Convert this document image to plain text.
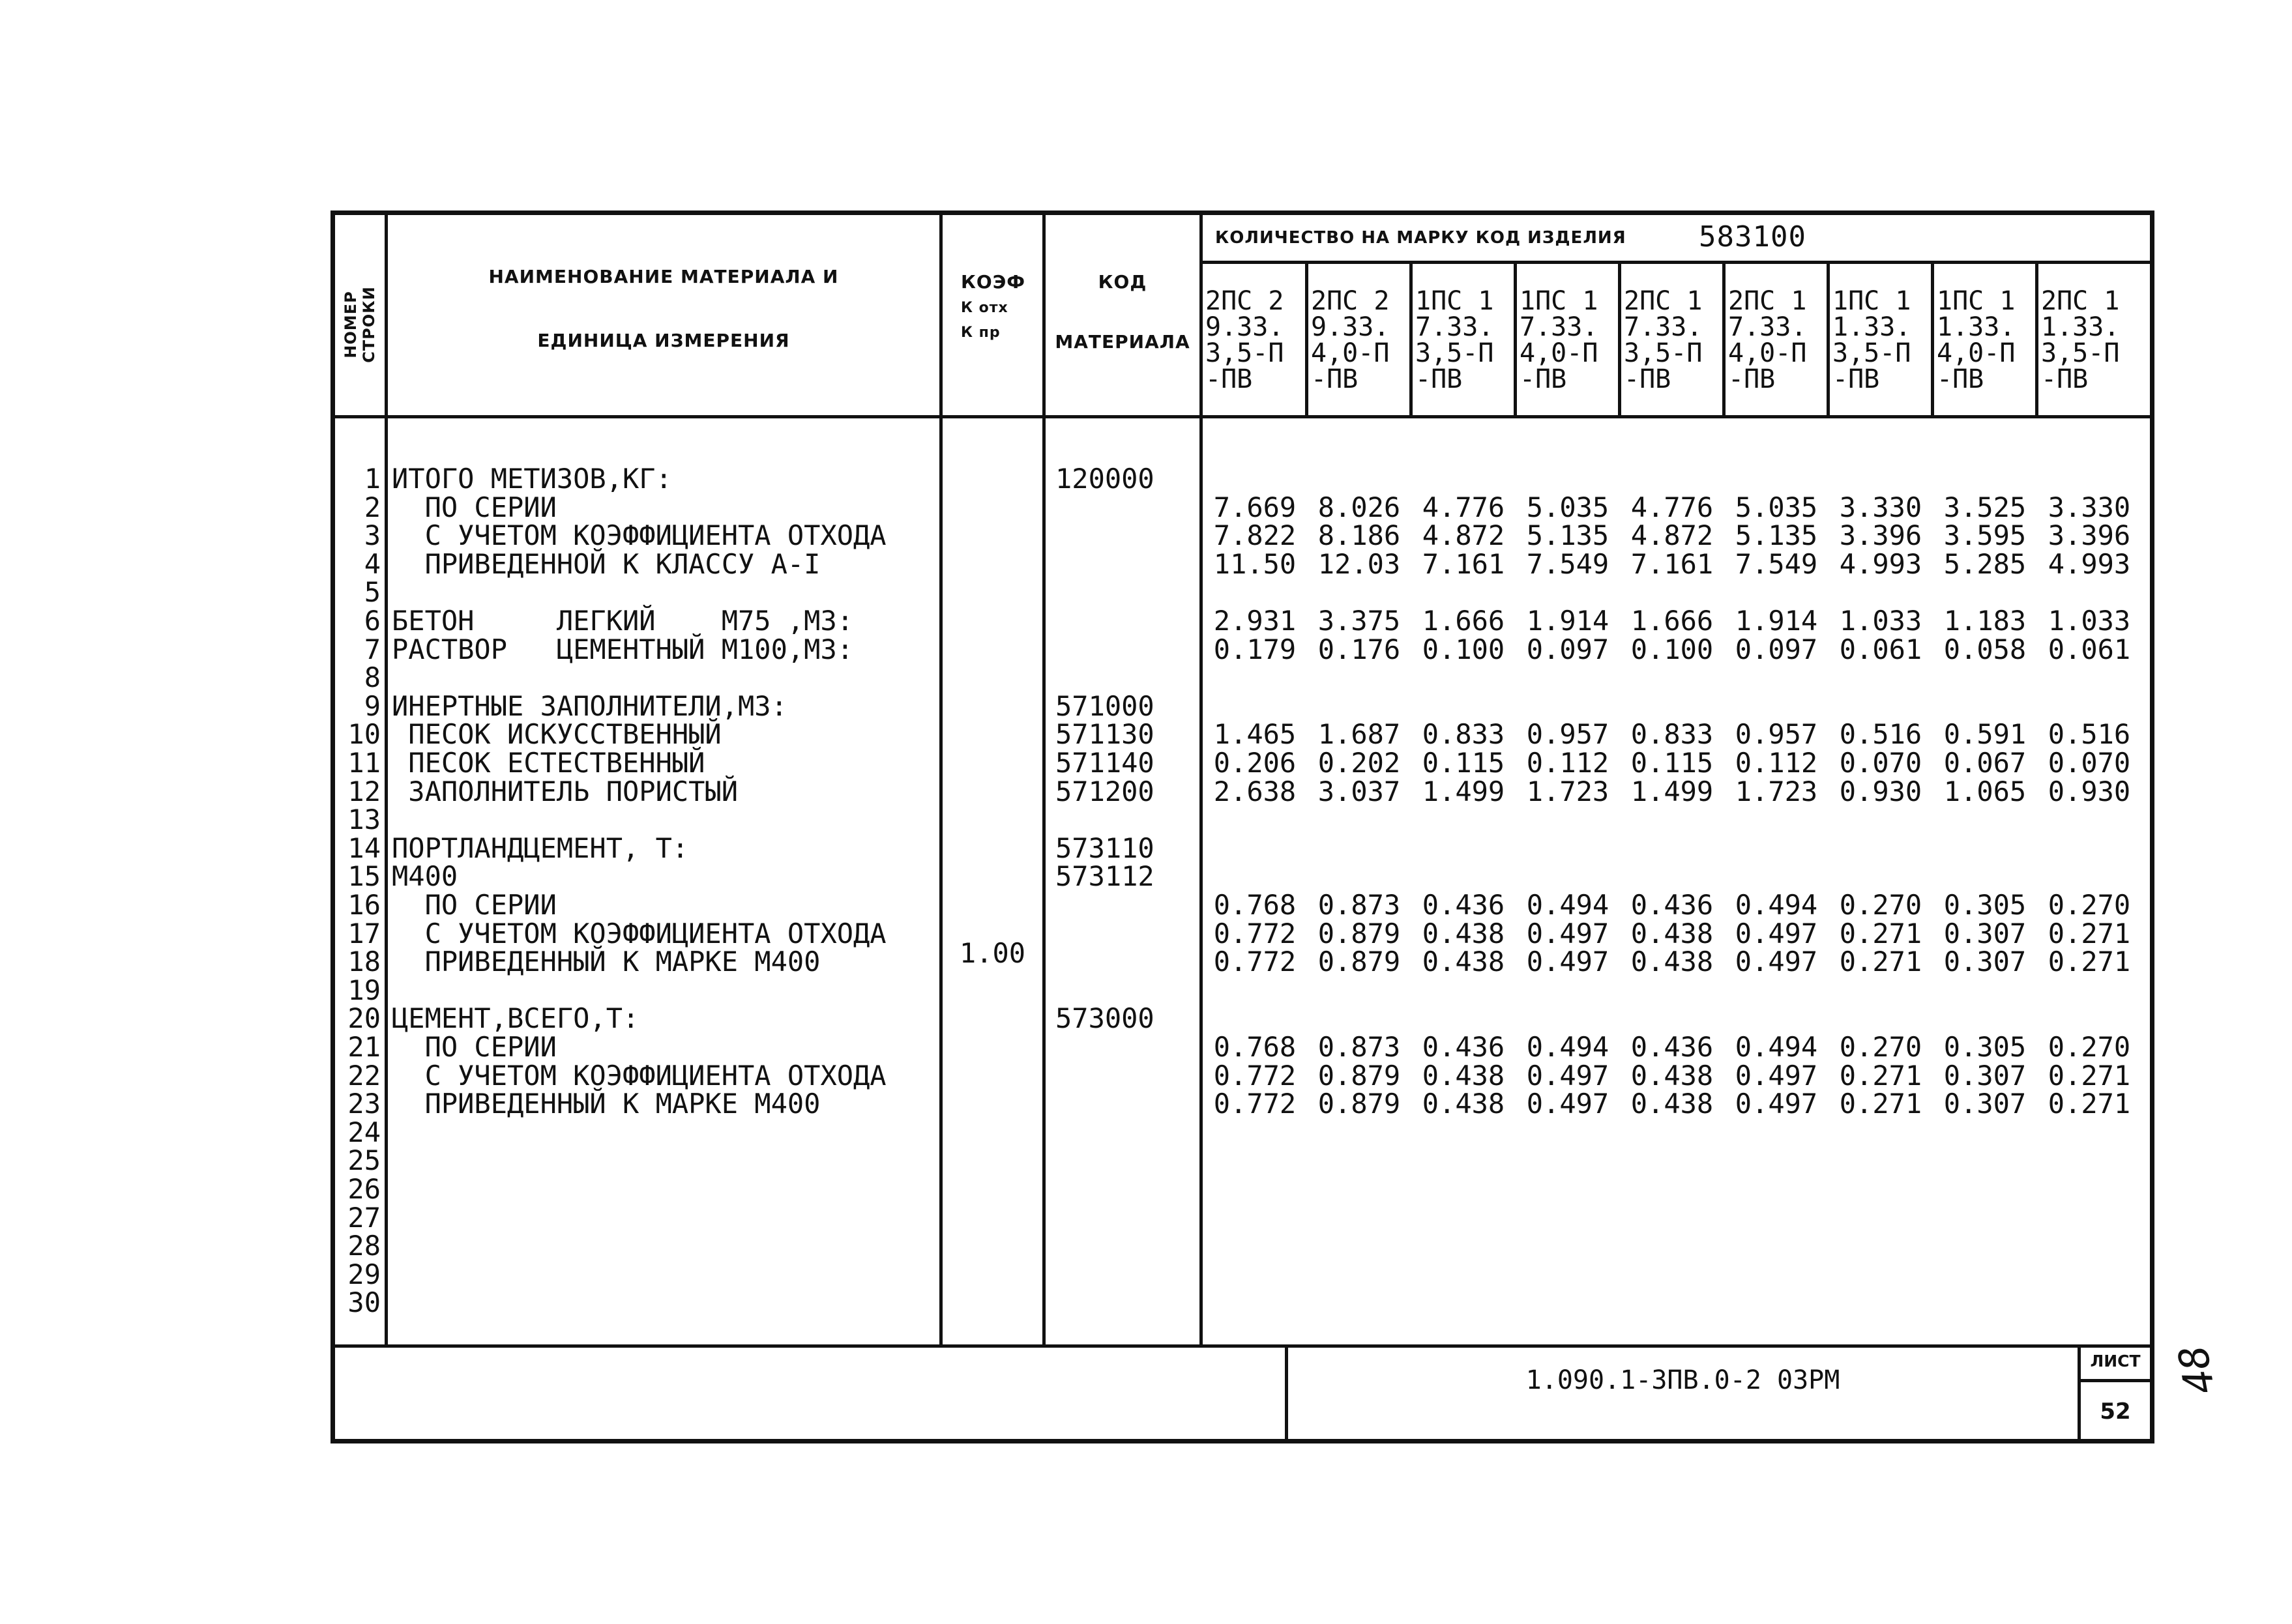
НОМЕР СТРОКИ
НАИМЕНОВАНИЕ МАТЕРИАЛА И
ЕДИНИЦА ИЗМЕРЕНИЯ
КОЭФ
К отх
К пр
КОД
МАТЕРИАЛА
КОЛИЧЕСТВО НА МАРКУ КОД ИЗДЕЛИЯ	583100
2ПС 2
9.33.
3,5-П
-ПВ
2ПС 2
9.33.
4,0-П
-ПВ
1ПС 1
7.33.
3,5-П
-ПВ
1ПС 1
7.33.
4,0-П
-ПВ
2ПС 1
7.33.
3,5-П
-ПВ
2ПС 1
7.33.
4,0-П
-ПВ
1ПС 1
1.33.
3,5-П
-ПВ
1ПС 1
1.33.
4,0-П
-ПВ
2ПС 1
1.33.
3,5-П
-ПВ
1
2
3
4
5
6
7
8
9
10
11
12
13
14
15
16
17
18
19
20
21
22
23
24
25
26
27
28
29
30
ИТОГО МЕТИЗОВ,КГ:
ПО СЕРИИ
С УЧЕТОМ КОЭФФИЦИЕНТА ОТХОДА
ПРИВЕДЕННОЙ К КЛАССУ А-I
БЕТОН     ЛЕГКИЙ    М75 ,М3:
РАСТВОР   ЦЕМЕНТНЫЙ М100,М3:
ИНЕРТНЫЕ ЗАПОЛНИТЕЛИ,М3:
ПЕСОК ИСКУССТВЕННЫЙ
ПЕСОК ЕСТЕСТВЕННЫЙ
ЗАПОЛНИТЕЛЬ ПОРИСТЫЙ
ПОРТЛАНДЦЕМЕНТ, Т:
М400
ПО СЕРИИ
С УЧЕТОМ КОЭФФИЦИЕНТА ОТХОДА
ПРИВЕДЕННЫЙ К МАРКЕ М400
ЦЕМЕНТ,ВСЕГО,Т:
ПО СЕРИИ
С УЧЕТОМ КОЭФФИЦИЕНТА ОТХОДА
ПРИВЕДЕННЫЙ К МАРКЕ М400
120000
571000
571130
571140
571200
573110
573112
573000
7.669 8.026 4.776 5.035 4.776 5.035 3.330 3.525 3.330
7.822 8.186 4.872 5.135 4.872 5.135 3.396 3.595 3.396
11.50 12.03 7.161 7.549 7.161 7.549 4.993 5.285 4.993
2.931 3.375 1.666 1.914 1.666 1.914 1.033 1.183 1.033
0.179 0.176 0.100 0.097 0.100 0.097 0.061 0.058 0.061
1.465 1.687 0.833 0.957 0.833 0.957 0.516 0.591 0.516
0.206 0.202 0.115 0.112 0.115 0.112 0.070 0.067 0.070
2.638 3.037 1.499 1.723 1.499 1.723 0.930 1.065 0.930
0.768 0.873 0.436 0.494 0.436 0.494 0.270 0.305 0.270
0.772 0.879 0.438 0.497 0.438 0.497 0.271 0.307 0.271
0.772 0.879 0.438 0.497 0.438 0.497 0.271 0.307 0.271
0.768 0.873 0.436 0.494 0.436 0.494 0.270 0.305 0.270
0.772 0.879 0.438 0.497 0.438 0.497 0.271 0.307 0.271
0.772 0.879 0.438 0.497 0.438 0.497 0.271 0.307 0.271
1.00
1.090.1-3ПВ.0-2 03РМ
ЛИСТ
52
48
